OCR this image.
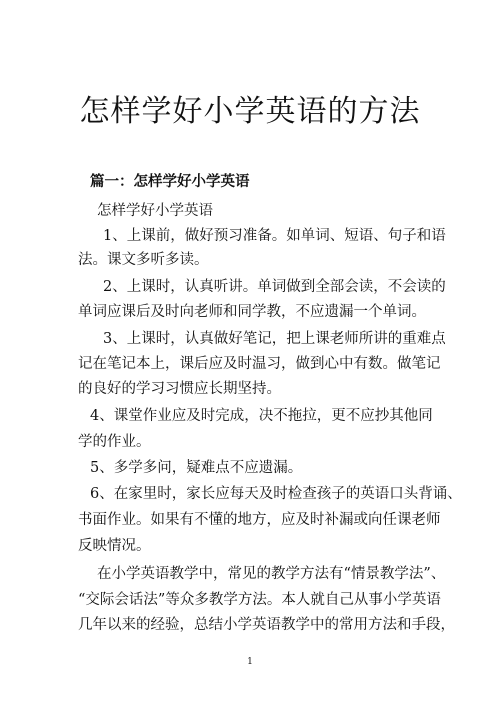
怎样学好小学英语的方法
篇一：怎样学好小学英语
怎样学好小学英语
1、上课前，做好预习准备。如单词、短语、句子和语
法。课文多听多读。
2、上课时，认真听讲。单词做到全部会读，不会读的
单词应课后及时向老师和同学教，不应遗漏一个单词。
3、上课时，认真做好笔记，把上课老师所讲的重难点
记在笔记本上，课后应及时温习，做到心中有数。做笔记
的良好的学习习惯应长期坚持。
4、课堂作业应及时完成，决不拖拉，更不应抄其他同
学的作业。
5、多学多问，疑难点不应遗漏。
6、在家里时，家长应每天及时检查孩子的英语口头背诵、
书面作业。如果有不懂的地方，应及时补漏或向任课老师
反映情况。
在小学英语教学中，常见的教学方法有“情景教学法”、
“交际会话法”等众多教学方法。本人就自己从事小学英语
几年以来的经验，总结小学英语教学中的常用方法和手段，
1
